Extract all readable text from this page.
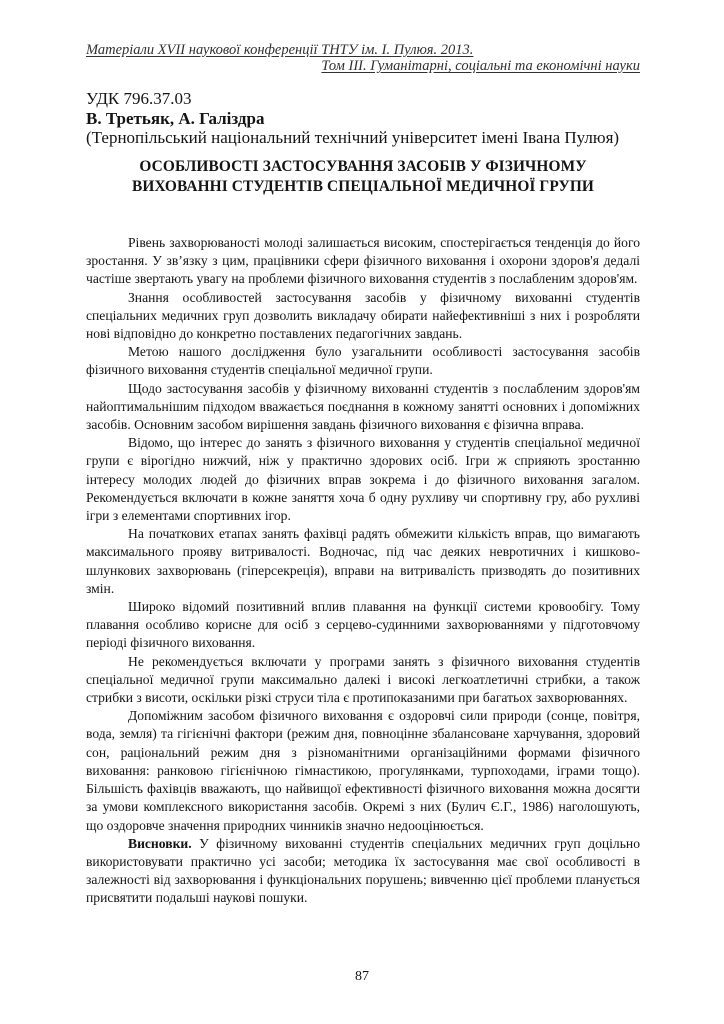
Матеріали XVІІ наукової конференції ТНТУ ім. І. Пулюя. 2013.
Том ІІІ. Гуманітарні, соціальні та економічні науки
УДК 796.37.03
В. Третьяк, А. Галіздра
(Тернопільський національний технічний університет імені Івана Пулюя)
ОСОБЛИВОСТІ ЗАСТОСУВАННЯ ЗАСОБІВ У ФІЗИЧНОМУ
ВИХОВАННІ СТУДЕНТІВ СПЕЦІАЛЬНОЇ МЕДИЧНОЇ ГРУПИ

Рівень захворюваності молоді залишається високим, спостерігається тенденція до його зростання. У зв’язку з цим, працівники сфери фізичного виховання і охорони здоров'я дедалі частіше звертають увагу на проблеми фізичного виховання студентів з послабленим здоров'ям.

Знання особливостей застосування засобів у фізичному вихованні студентів спеціальних медичних груп дозволить викладачу обирати найефективніші з них і розробляти нові відповідно до конкретно поставлених педагогічних завдань.

Метою нашого дослідження було узагальнити особливості застосування засобів фізичного виховання студентів спеціальної медичної групи.

Щодо застосування засобів у фізичному вихованні студентів з послабленим здоров'ям найоптимальнішим підходом вважається поєднання в кожному занятті основних і допоміжних засобів. Основним засобом вирішення завдань фізичного виховання є фізична вправа.

Відомо, що інтерес до занять з фізичного виховання у студентів спеціальної медичної групи є вірогідно нижчий, ніж у практично здорових осіб. Ігри ж сприяють зростанню інтересу молодих людей до фізичних вправ зокрема і до фізичного виховання загалом. Рекомендується включати в кожне заняття хоча б одну рухливу чи спортивну гру, або рухливі ігри з елементами спортивних ігор.

На початкових етапах занять фахівці радять обмежити кількість вправ, що вимагають максимального прояву витривалості. Водночас, під час деяких невротичних і кишково-шлункових захворювань (гіперсекреція), вправи на витривалість призводять до позитивних змін.

Широко відомий позитивний вплив плавання на функції системи кровообігу. Тому плавання особливо корисне для осіб з серцево-судинними захворюваннями у підготовчому періоді фізичного виховання.

Не рекомендується включати у програми занять з фізичного виховання студентів спеціальної медичної групи максимально далекі і високі легкоатлетичні стрибки, а також стрибки з висоти, оскільки різкі струси тіла є протипоказаними при багатьох захворюваннях.

Допоміжним засобом фізичного виховання є оздоровчі сили природи (сонце, повітря, вода, земля) та гігієнічні фактори (режим дня, повноцінне збалансоване харчування, здоровий сон, раціональний режим дня з різноманітними організаційними формами фізичного виховання: ранковою гігієнічною гімнастикою, прогулянками, турпоходами, іграми тощо). Більшість фахівців вважають, що найвищої ефективності фізичного виховання можна досягти за умови комплексного використання засобів. Окремі з них (Булич Є.Г., 1986) наголошують, що оздоровче значення природних чинників значно недооцінюється.

Висновки. У фізичному вихованні студентів спеціальних медичних груп доцільно використовувати практично усі засоби; методика їх застосування має свої особливості в залежності від захворювання і функціональних порушень; вивченню цієї проблеми планується присвятити подальші наукові пошуки.

87
